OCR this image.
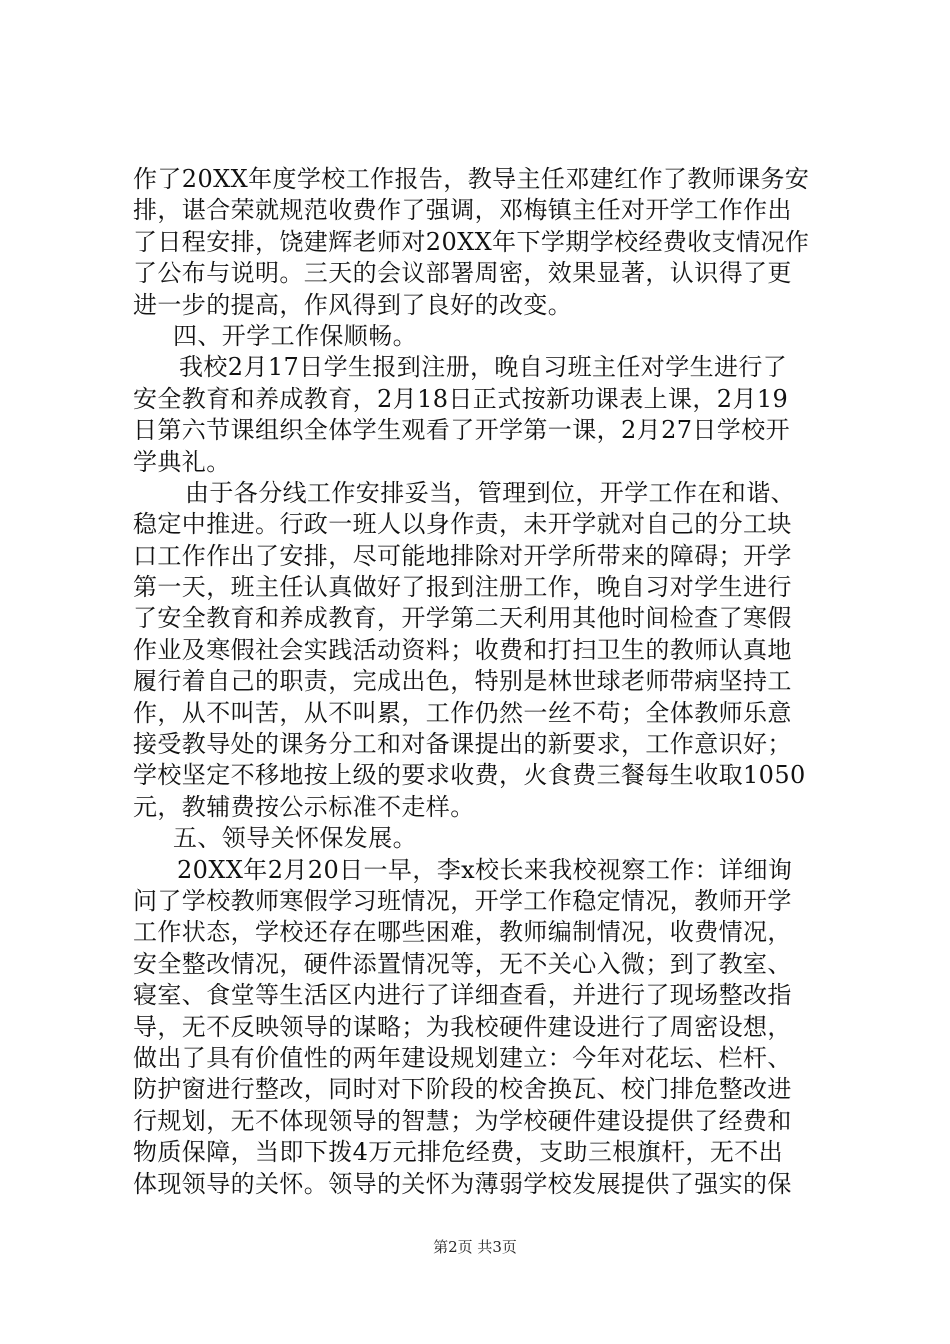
作了20XX年度学校工作报告，教导主任邓建红作了教师课务安
排，谌合荣就规范收费作了强调，邓梅镇主任对开学工作作出
了日程安排，饶建辉老师对20XX年下学期学校经费收支情况作
了公布与说明。三天的会议部署周密，效果显著，认识得了更
进一步的提高，作风得到了良好的改变。
四、开学工作保顺畅。
我校2月17日学生报到注册，晚自习班主任对学生进行了
安全教育和养成教育，2月18日正式按新功课表上课，2月19
日第六节课组织全体学生观看了开学第一课，2月27日学校开
学典礼。
由于各分线工作安排妥当，管理到位，开学工作在和谐、
稳定中推进。行政一班人以身作责，未开学就对自己的分工块
口工作作出了安排，尽可能地排除对开学所带来的障碍；开学
第一天，班主任认真做好了报到注册工作，晚自习对学生进行
了安全教育和养成教育，开学第二天利用其他时间检查了寒假
作业及寒假社会实践活动资料；收费和打扫卫生的教师认真地
履行着自己的职责，完成出色，特别是林世球老师带病坚持工
作，从不叫苦，从不叫累，工作仍然一丝不苟；全体教师乐意
接受教导处的课务分工和对备课提出的新要求，工作意识好；
学校坚定不移地按上级的要求收费，火食费三餐每生收取1050
元，教辅费按公示标准不走样。
五、领导关怀保发展。
20XX年2月20日一早，李x校长来我校视察工作：详细询
问了学校教师寒假学习班情况，开学工作稳定情况，教师开学
工作状态，学校还存在哪些困难，教师编制情况，收费情况，
安全整改情况，硬件添置情况等，无不关心入微；到了教室、
寝室、食堂等生活区内进行了详细查看，并进行了现场整改指
导，无不反映领导的谋略；为我校硬件建设进行了周密设想，
做出了具有价值性的两年建设规划建立：今年对花坛、栏杆、
防护窗进行整改，同时对下阶段的校舍换瓦、校门排危整改进
行规划，无不体现领导的智慧；为学校硬件建设提供了经费和
物质保障，当即下拨4万元排危经费，支助三根旗杆，无不出
体现领导的关怀。领导的关怀为薄弱学校发展提供了强实的保
第2页 共3页
